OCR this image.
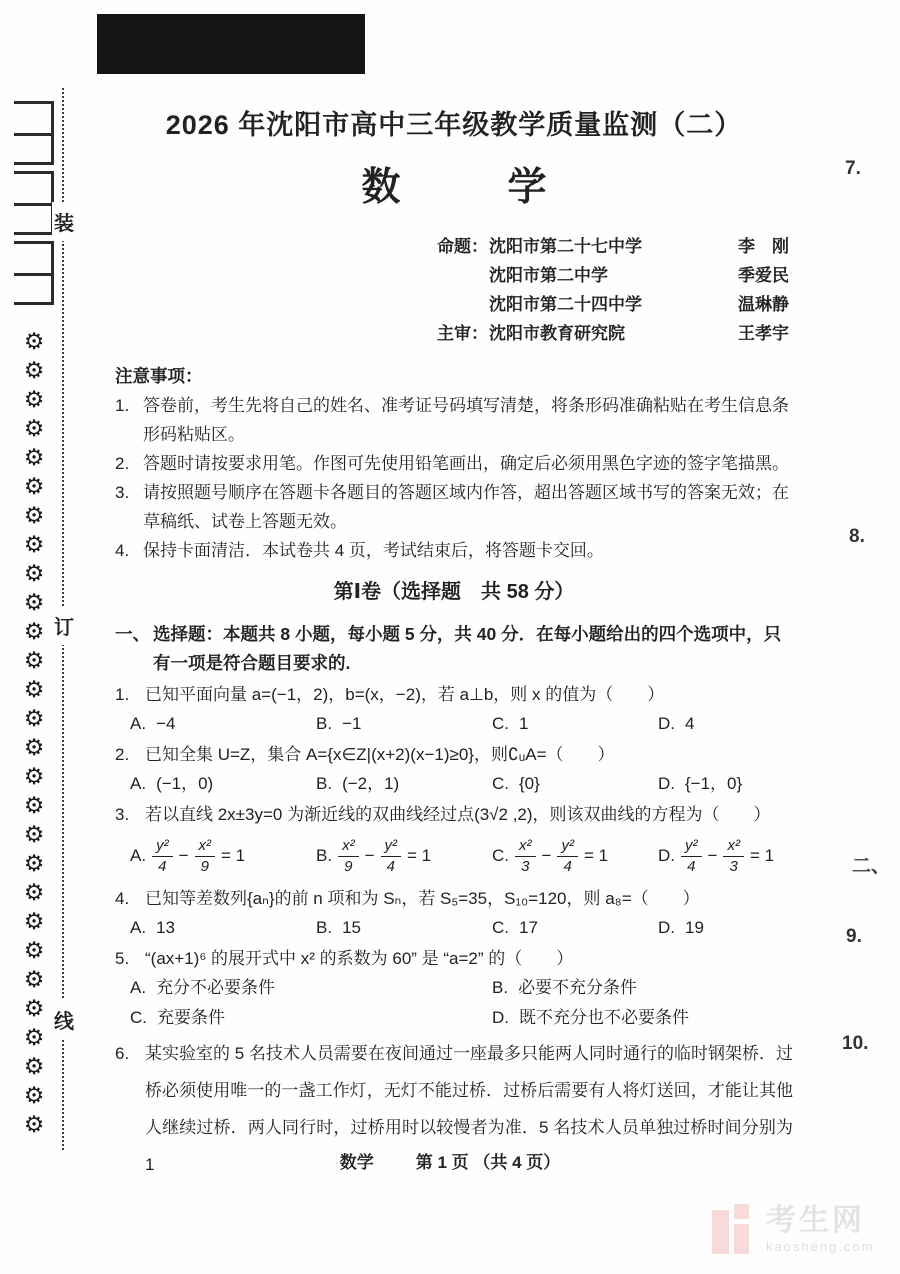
⚙
⚙
⚙
⚙
⚙
⚙
⚙
⚙
⚙
⚙
⚙
⚙
⚙
⚙
⚙
⚙
⚙
⚙
⚙
⚙
⚙
⚙
⚙
⚙
⚙
⚙
⚙
⚙
装
订
线
7.
8.
二、
9.
10.
2026 年沈阳市高中三年级教学质量监测（二）
数　学
命题： 沈阳市第二十七中学	李　刚
沈阳市第二中学	季爱民
沈阳市第二十四中学	温琳静
主审： 沈阳市教育研究院	王孝宇
注意事项：
1. 答卷前，考生先将自己的姓名、准考证号码填写清楚，将条形码准确粘贴在考生信息条形码粘贴区。
2. 答题时请按要求用笔。作图可先使用铅笔画出，确定后必须用黑色字迹的签字笔描黑。
3. 请按照题号顺序在答题卡各题目的答题区域内作答，超出答题区域书写的答案无效；在草稿纸、试卷上答题无效。
4. 保持卡面清洁．本试卷共 4 页，考试结束后，将答题卡交回。
第Ⅰ卷（选择题　共 58 分）
一、 选择题：本题共 8 小题，每小题 5 分，共 40 分．在每小题给出的四个选项中，只有一项是符合题目要求的.
1. 已知平面向量 a=(−1，2)，b=(x，−2)，若 a⊥b，则 x 的值为（　　）
A. −4	B. −1	C. 1	D. 4
2. 已知全集 U=Z，集合 A={x∈Z|(x+2)(x−1)≥0}，则∁ᵤA=（　　）
A. (−1，0)	B. (−2，1)	C. {0}	D. {−1，0}
3. 若以直线 2x±3y=0 为渐近线的双曲线经过点(3√2 ,2)，则该双曲线的方程为（　　）
A. $\frac{\text{y²}}{4} - \frac{\text{x²}}{9} = 1$	B. $\frac{\text{x²}}{9} - \frac{\text{y²}}{4} = 1$	C. $\frac{\text{x²}}{3} - \frac{\text{y²}}{4} = 1$	D. $\frac{\text{y²}}{4} - \frac{\text{x²}}{3} = 1$
4. 已知等差数列{aₙ}的前 n 项和为 Sₙ，若 S₅=35，S₁₀=120，则 a₈=（　　）
A. 13	B. 15	C. 17	D. 19
5. “(ax+1)⁶ 的展开式中 x² 的系数为 60” 是 “a=2” 的（　　）
A. 充分不必要条件	B. 必要不充分条件
C. 充要条件	D. 既不充分也不必要条件
6. 某实验室的 5 名技术人员需要在夜间通过一座最多只能两人同时通行的临时钢架桥．过桥必须使用唯一的一盏工作灯，无灯不能过桥．过桥后需要有人将灯送回，才能让其他人继续过桥．两人同行时，过桥用时以较慢者为准．5 名技术人员单独过桥时间分别为 1	数学 第 1 页 （共 4 页）
考生网
kaosheng.com
